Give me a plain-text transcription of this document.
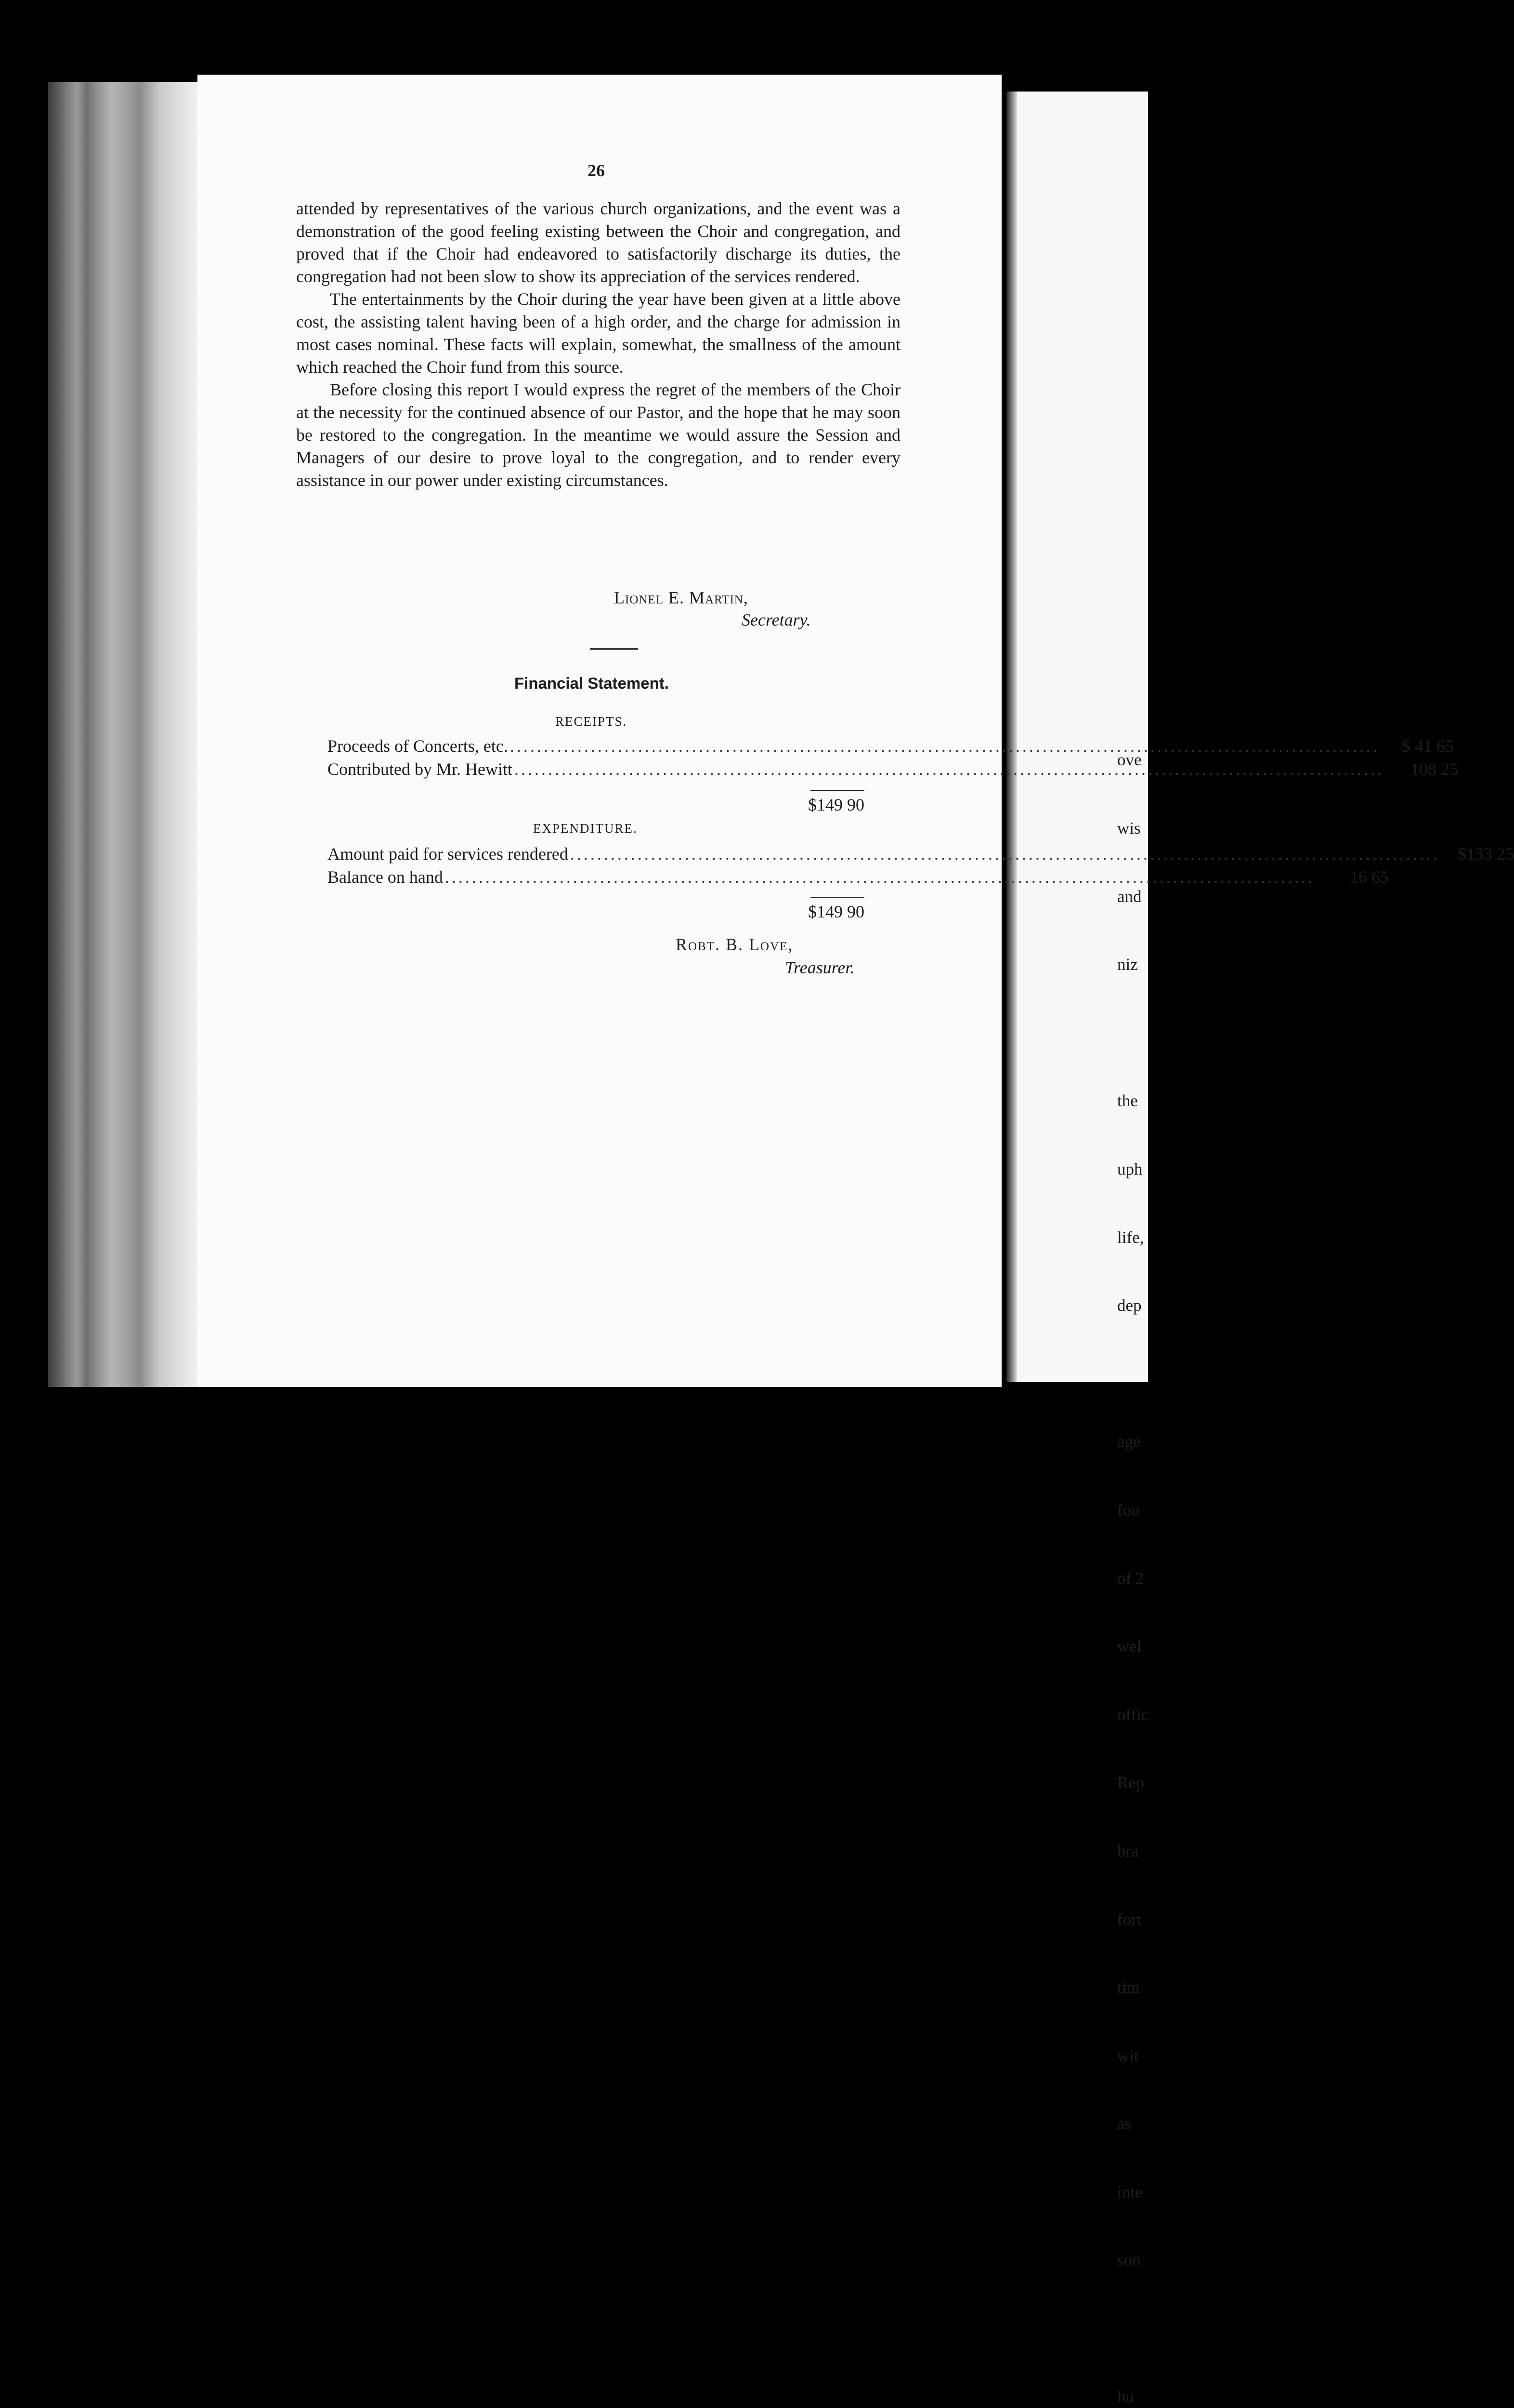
ove

wis

and

niz

the

uph

life,

dep

age

fou

of 2

wel

offic

Rep

bra

fort

tim

wit

as

inte

son

hu

26

attended by representatives of the various church organizations, and the event was a demonstration of the good feeling existing between the Choir and congregation, and proved that if the Choir had endeavored to satisfactorily discharge its duties, the congregation had not been slow to show its appreciation of the services rendered.

The entertainments by the Choir during the year have been given at a little above cost, the assisting talent having been of a high order, and the charge for admission in most cases nominal. These facts will explain, somewhat, the smallness of the amount which reached the Choir fund from this source.

Before closing this report I would express the regret of the members of the Choir at the necessity for the continued absence of our Pastor, and the hope that he may soon be restored to the congregation. In the meantime we would assure the Session and Managers of our desire to prove loyal to the congregation, and to render every assistance in our power under existing circumstances.

Lionel E. Martin,
Secretary.
Financial Statement.
RECEIPTS.
Proceeds of Concerts, etc. .....	$ 41 65
Contributed by Mr. Hewitt .....	108 25
$149 90
EXPENDITURE.
Amount paid for services rendered .....	$133 25
Balance on hand .....	16 65
$149 90
Robt. B. Love,
Treasurer.
